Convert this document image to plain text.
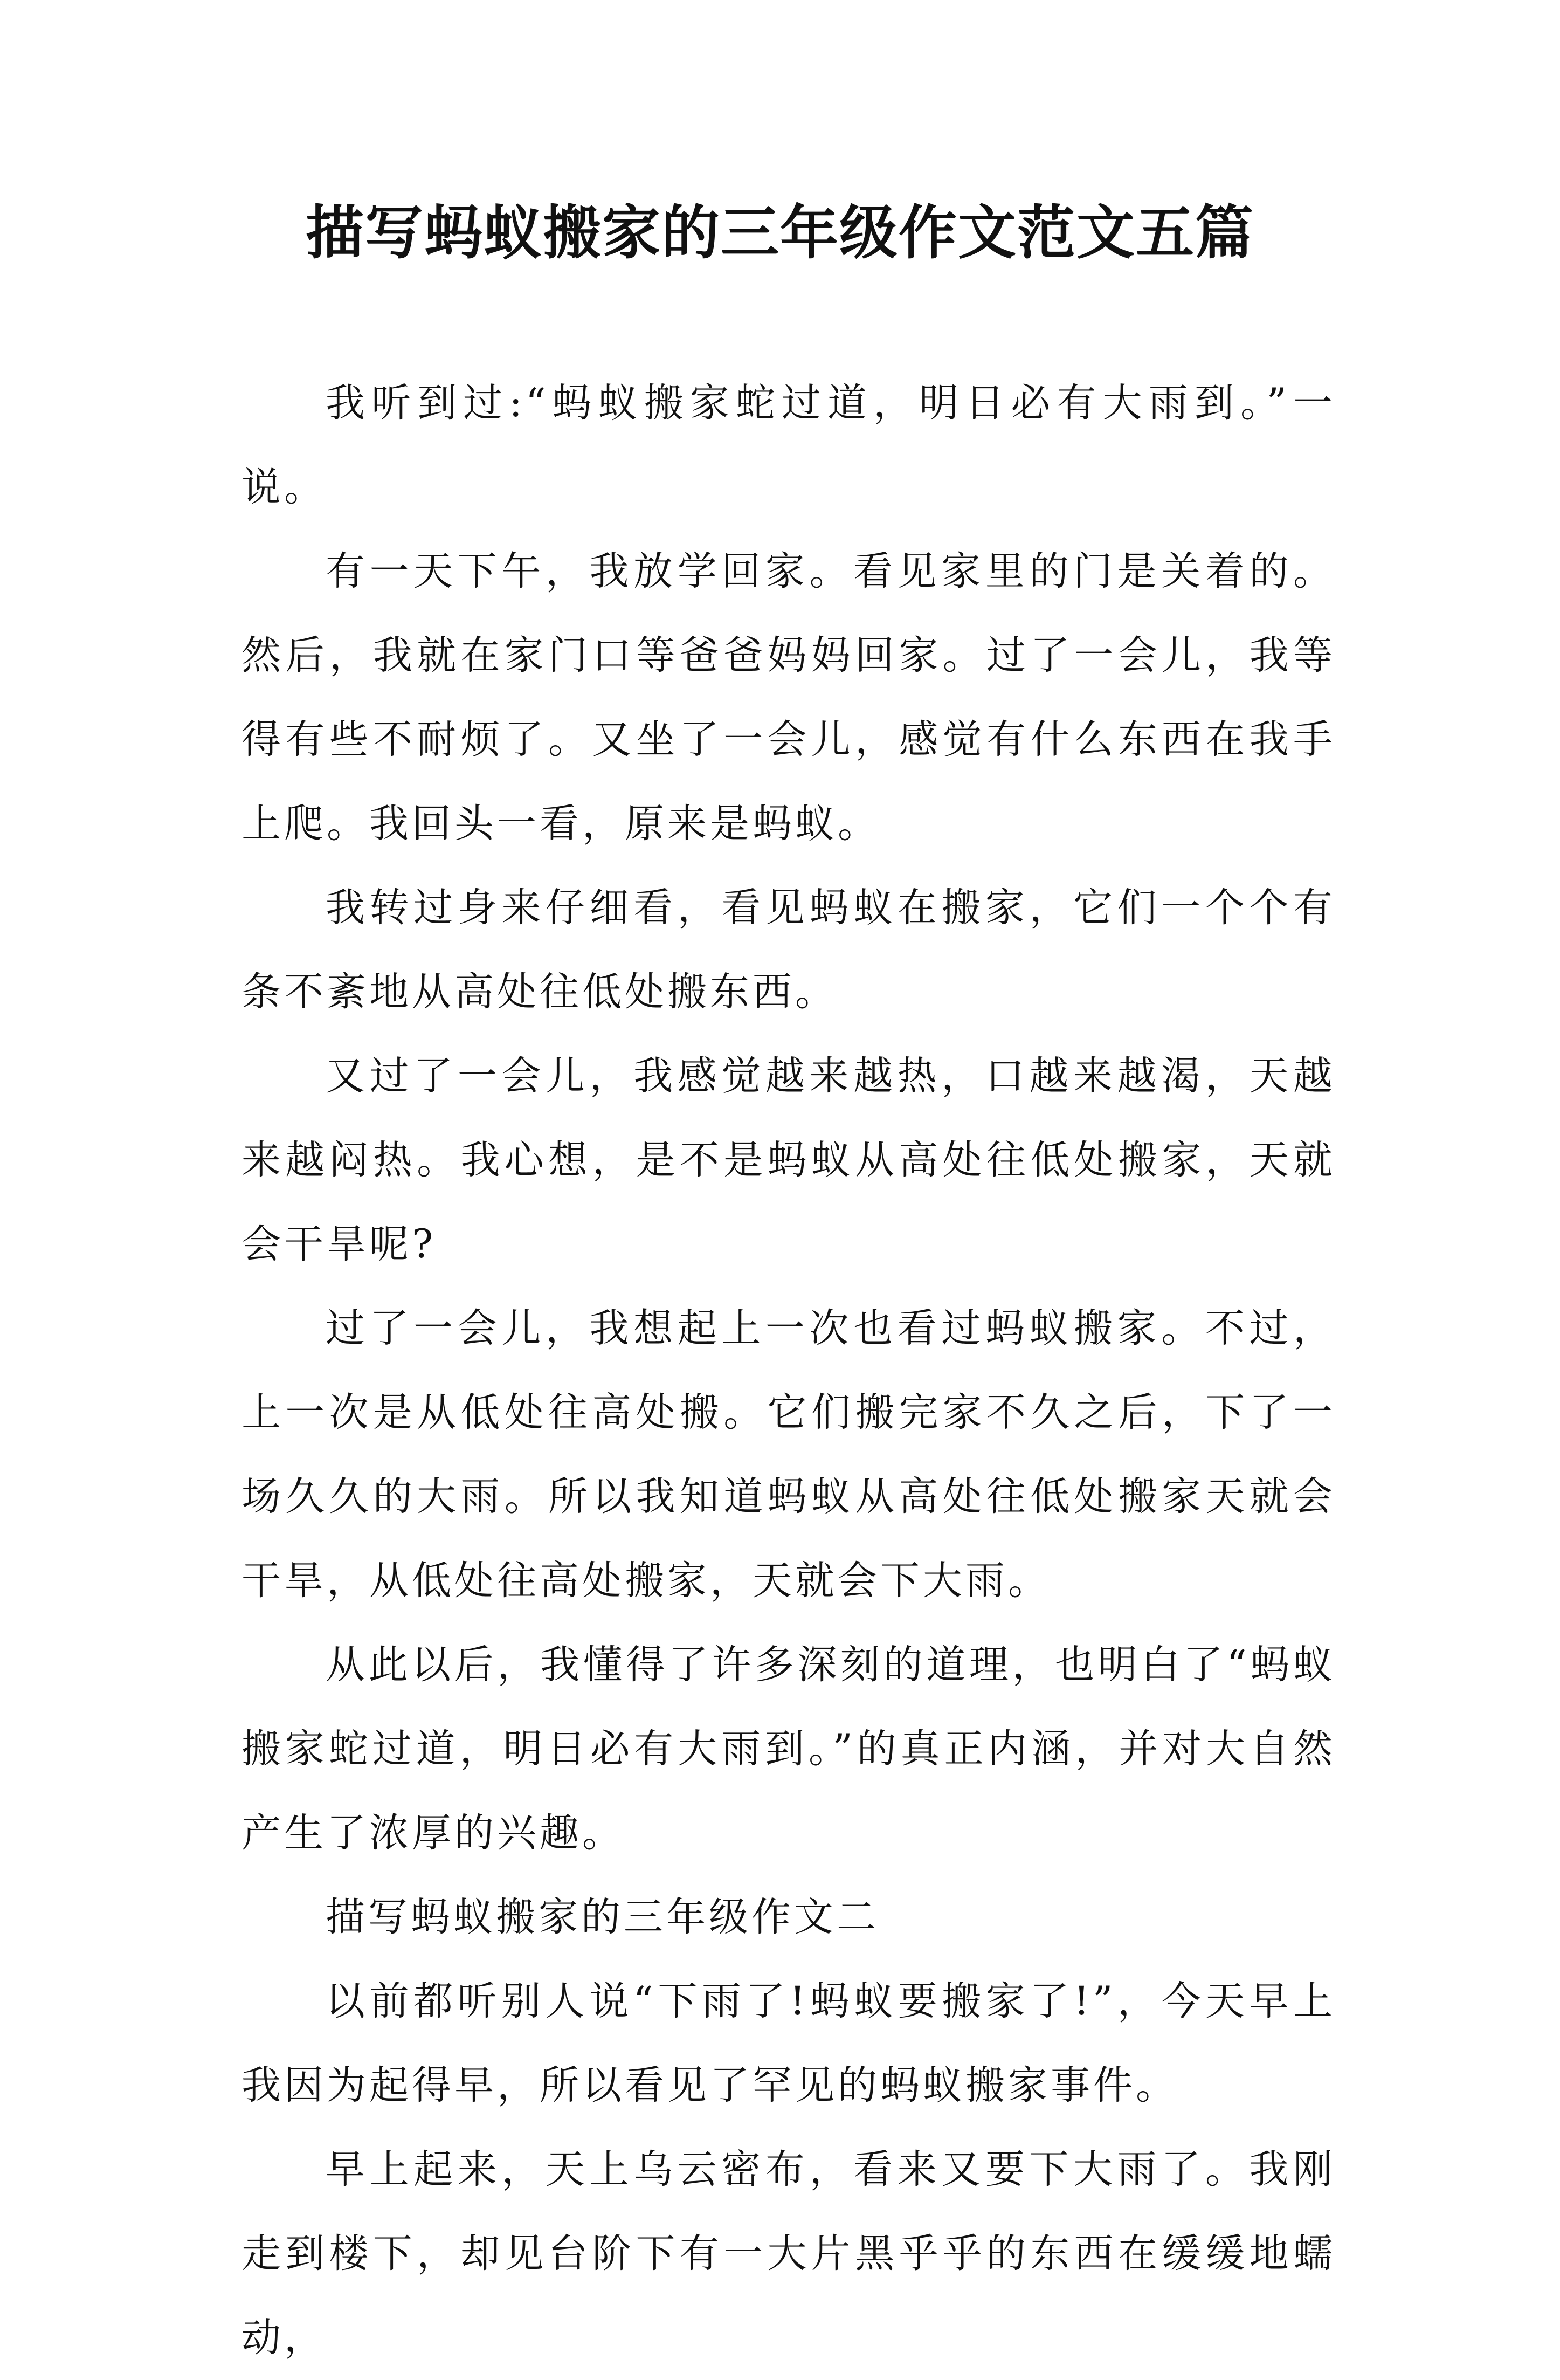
描写蚂蚁搬家的三年级作文范文五篇

我听到过:“蚂蚁搬家蛇过道，明日必有大雨到。”一说。

有一天下午，我放学回家。看见家里的门是关着的。然后，我就在家门口等爸爸妈妈回家。过了一会儿，我等得有些不耐烦了。又坐了一会儿，感觉有什么东西在我手上爬。我回头一看，原来是蚂蚁。

我转过身来仔细看，看见蚂蚁在搬家，它们一个个有条不紊地从高处往低处搬东西。

又过了一会儿，我感觉越来越热，口越来越渴，天越来越闷热。我心想，是不是蚂蚁从高处往低处搬家，天就会干旱呢?

过了一会儿，我想起上一次也看过蚂蚁搬家。不过，上一次是从低处往高处搬。它们搬完家不久之后，下了一场久久的大雨。所以我知道蚂蚁从高处往低处搬家天就会干旱，从低处往高处搬家，天就会下大雨。

从此以后，我懂得了许多深刻的道理，也明白了“蚂蚁搬家蛇过道，明日必有大雨到。”的真正内涵，并对大自然产生了浓厚的兴趣。

描写蚂蚁搬家的三年级作文二

以前都听别人说“下雨了!蚂蚁要搬家了!”，今天早上我因为起得早，所以看见了罕见的蚂蚁搬家事件。

早上起来，天上乌云密布，看来又要下大雨了。我刚走到楼下，却见台阶下有一大片黑乎乎的东西在缓缓地蠕动，
